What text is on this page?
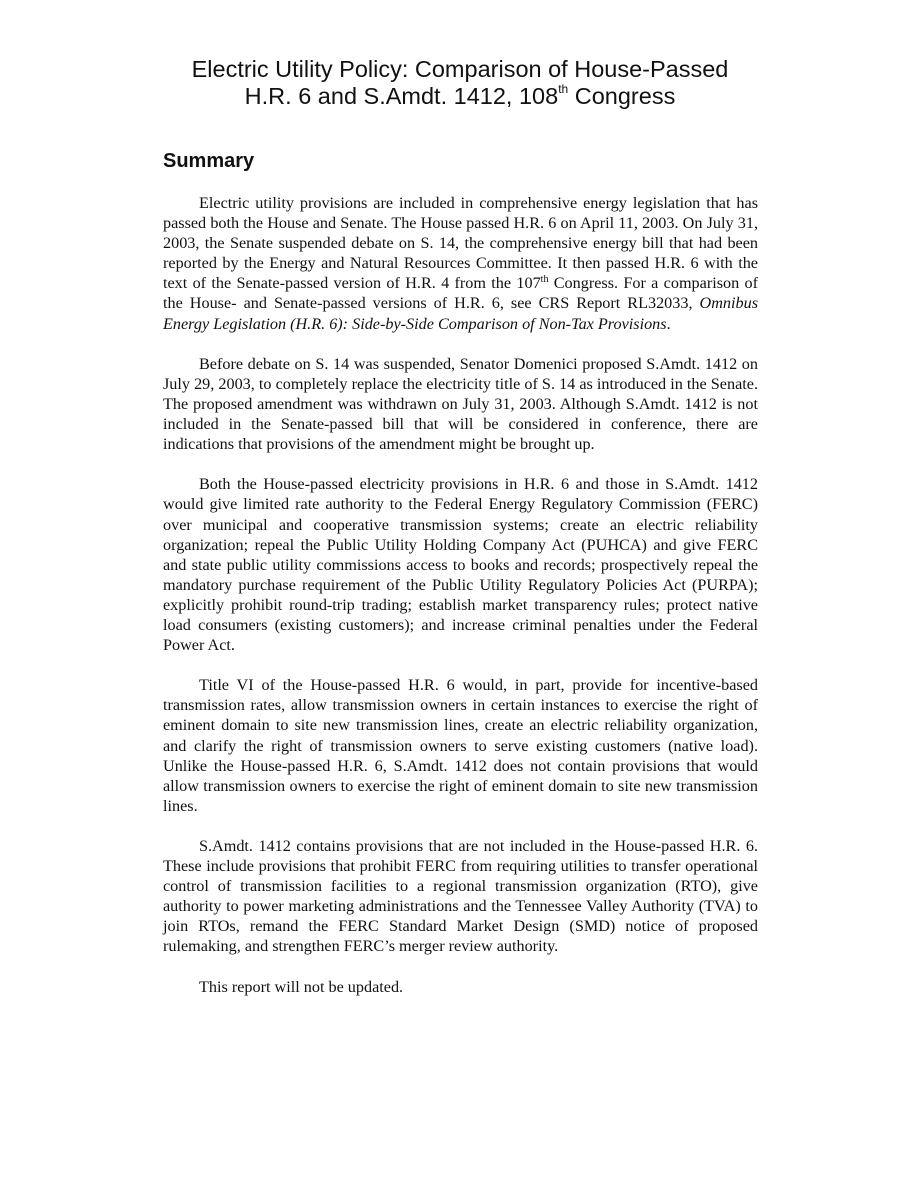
Electric Utility Policy: Comparison of House-Passed
H.R. 6 and S.Amdt. 1412, 108th Congress
Summary

Electric utility provisions are included in comprehensive energy legislation that has passed both the House and Senate. The House passed H.R. 6 on April 11, 2003. On July 31, 2003, the Senate suspended debate on S. 14, the comprehensive energy bill that had been reported by the Energy and Natural Resources Committee. It then passed H.R. 6 with the text of the Senate-passed version of H.R. 4 from the 107th Congress. For a comparison of the House- and Senate-passed versions of H.R. 6, see CRS Report RL32033, Omnibus Energy Legislation (H.R. 6): Side-by-Side Comparison of Non-Tax Provisions.

Before debate on S. 14 was suspended, Senator Domenici proposed S.Amdt. 1412 on July 29, 2003, to completely replace the electricity title of S. 14 as introduced in the Senate. The proposed amendment was withdrawn on July 31, 2003. Although S.Amdt. 1412 is not included in the Senate-passed bill that will be considered in conference, there are indications that provisions of the amendment might be brought up.

Both the House-passed electricity provisions in H.R. 6 and those in S.Amdt. 1412 would give limited rate authority to the Federal Energy Regulatory Commission (FERC) over municipal and cooperative transmission systems; create an electric reliability organization; repeal the Public Utility Holding Company Act (PUHCA) and give FERC and state public utility commissions access to books and records; prospectively repeal the mandatory purchase requirement of the Public Utility Regulatory Policies Act (PURPA); explicitly prohibit round-trip trading; establish market transparency rules; protect native load consumers (existing customers); and increase criminal penalties under the Federal Power Act.

Title VI of the House-passed H.R. 6 would, in part, provide for incentive-based transmission rates, allow transmission owners in certain instances to exercise the right of eminent domain to site new transmission lines, create an electric reliability organization, and clarify the right of transmission owners to serve existing customers (native load). Unlike the House-passed H.R. 6, S.Amdt. 1412 does not contain provisions that would allow transmission owners to exercise the right of eminent domain to site new transmission lines.

S.Amdt. 1412 contains provisions that are not included in the House-passed H.R. 6. These include provisions that prohibit FERC from requiring utilities to transfer operational control of transmission facilities to a regional transmission organization (RTO), give authority to power marketing administrations and the Tennessee Valley Authority (TVA) to join RTOs, remand the FERC Standard Market Design (SMD) notice of proposed rulemaking, and strengthen FERC’s merger review authority.

This report will not be updated.
